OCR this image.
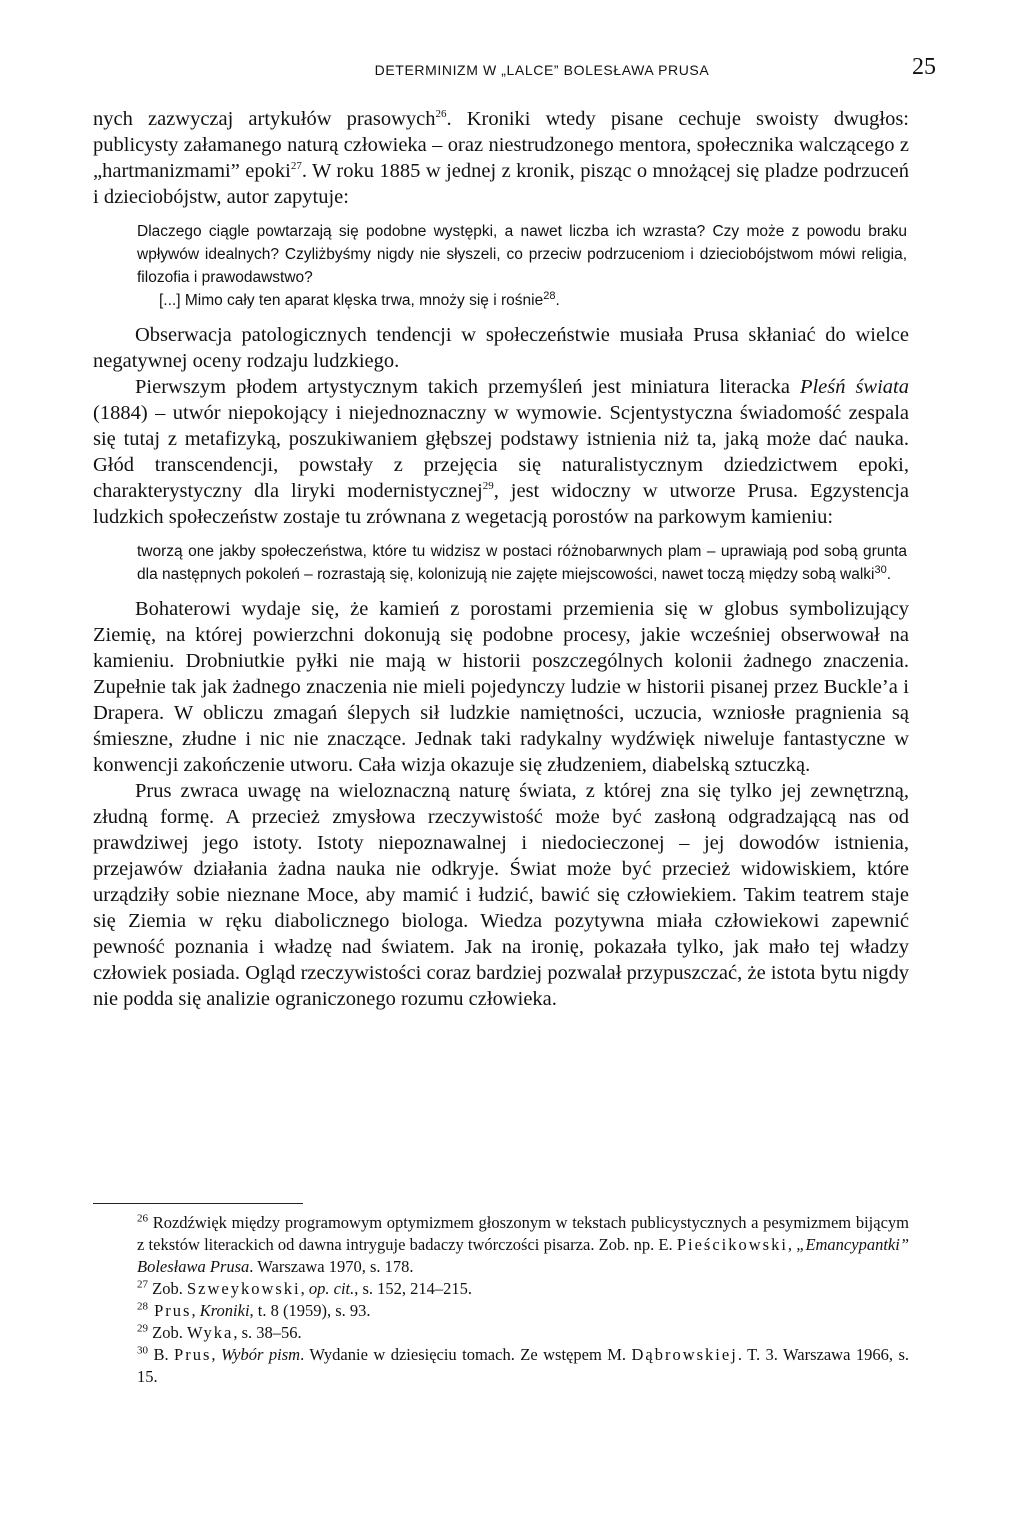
DETERMINIZM W „LALCE” BOLESŁAWA PRUSA	25

nych zazwyczaj artykułów prasowych$^{26}$. Kroniki wtedy pisane cechuje swoisty dwugłos: publicysty załamanego naturą człowieka – oraz niestrudzonego mentora, społecznika walczącego z „hartmanizmami” epoki$^{27}$. W roku 1885 w jednej z kronik, pisząc o mnożącej się pladze podrzuceń i dzieciobójstw, autor zapytuje:

Dlaczego ciągle powtarzają się podobne występki, a nawet liczba ich wzrasta? Czy może z powodu braku wpływów idealnych? Czyliżbyśmy nigdy nie słyszeli, co przeciw podrzuceniom i dzieciobójstwom mówi religia, filozofia i prawodawstwo?

[...] Mimo cały ten aparat klęska trwa, mnoży się i rośnie$^{28}$.

Obserwacja patologicznych tendencji w społeczeństwie musiała Prusa skłaniać do wielce negatywnej oceny rodzaju ludzkiego.

Pierwszym płodem artystycznym takich przemyśleń jest miniatura literacka Pleśń świata (1884) – utwór niepokojący i niejednoznaczny w wymowie. Scjentystyczna świadomość zespala się tutaj z metafizyką, poszukiwaniem głębszej podstawy istnienia niż ta, jaką może dać nauka. Głód transcendencji, powstały z przejęcia się naturalistycznym dziedzictwem epoki, charakterystyczny dla liryki modernistycznej$^{29}$, jest widoczny w utworze Prusa. Egzystencja ludzkich społeczeństw zostaje tu zrównana z wegetacją porostów na parkowym kamieniu:

tworzą one jakby społeczeństwa, które tu widzisz w postaci różnobarwnych plam – uprawiają pod sobą grunta dla następnych pokoleń – rozrastają się, kolonizują nie zajęte miejscowości, nawet toczą między sobą walki$^{30}$.

Bohaterowi wydaje się, że kamień z porostami przemienia się w globus symbolizujący Ziemię, na której powierzchni dokonują się podobne procesy, jakie wcześniej obserwował na kamieniu. Drobniutkie pyłki nie mają w historii poszczególnych kolonii żadnego znaczenia. Zupełnie tak jak żadnego znaczenia nie mieli pojedynczy ludzie w historii pisanej przez Buckle’a i Drapera. W obliczu zmagań ślepych sił ludzkie namiętności, uczucia, wzniosłe pragnienia są śmieszne, złudne i nic nie znaczące. Jednak taki radykalny wydźwięk niweluje fantastyczne w konwencji zakończenie utworu. Cała wizja okazuje się złudzeniem, diabelską sztuczką.

Prus zwraca uwagę na wieloznaczną naturę świata, z której zna się tylko jej zewnętrzną, złudną formę. A przecież zmysłowa rzeczywistość może być zasłoną odgradzającą nas od prawdziwej jego istoty. Istoty niepoznawalnej i niedocieczonej – jej dowodów istnienia, przejawów działania żadna nauka nie odkryje. Świat może być przecież widowiskiem, które urządziły sobie nieznane Moce, aby mamić i łudzić, bawić się człowiekiem. Takim teatrem staje się Ziemia w ręku diabolicznego biologa. Wiedza pozytywna miała człowiekowi zapewnić pewność poznania i władzę nad światem. Jak na ironię, pokazała tylko, jak mało tej władzy człowiek posiada. Ogląd rzeczywistości coraz bardziej pozwalał przypuszczać, że istota bytu nigdy nie podda się analizie ograniczonego rozumu człowieka.

$^{26}$ Rozdźwięk między programowym optymizmem głoszonym w tekstach publicystycznych a pesymizmem bijącym z tekstów literackich od dawna intryguje badaczy twórczości pisarza. Zob. np. E. Pieścikowski, „Emancypantki” Bolesława Prusa. Warszawa 1970, s. 178.

$^{27}$ Zob. Szweykowski, op. cit., s. 152, 214–215.

$^{28}$ Prus, Kroniki, t. 8 (1959), s. 93.

$^{29}$ Zob. Wyka, s. 38–56.

$^{30}$ B. Prus, Wybór pism. Wydanie w dziesięciu tomach. Ze wstępem M. Dąbrowskiej. T. 3. Warszawa 1966, s. 15.
